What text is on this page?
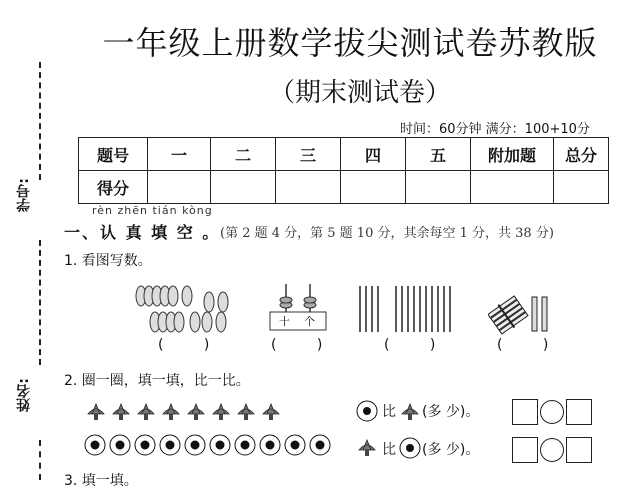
学号:
姓名:
一年级上册数学拔尖测试卷苏教版
（期末测试卷）
时间：60分钟 满分：100+10分
题号	一	二	三	四	五	附加题	总分
得分							
rèn zhēn tián kòng
一、认 真 填 空 。 (第 2 题 4 分，第 5 题 10 分，其余每空 1 分，共 38 分)
1. 看图写数。
( )
十 个
( )	( )	( )
2. 圈一圈，填一填，比一比。
比 (多 少)。
比 (多 少)。
3. 填一填。
